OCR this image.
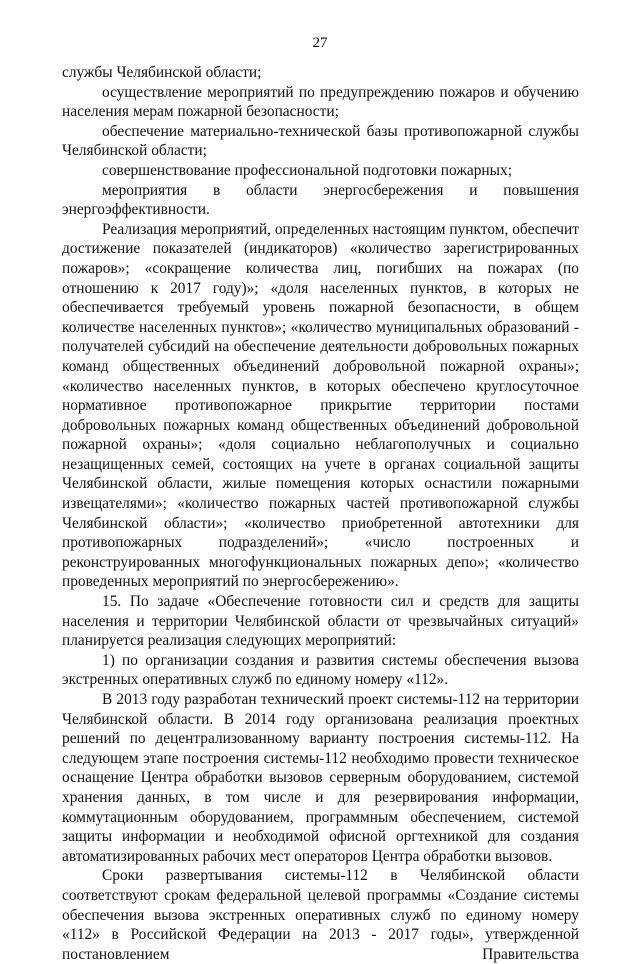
27

службы Челябинской области;

осуществление мероприятий по предупреждению пожаров и обучению населения мерам пожарной безопасности;

обеспечение материально-технической базы противопожарной службы Челябинской области;

совершенствование профессиональной подготовки пожарных;

мероприятия в области энергосбережения и повышения энергоэффективности.

Реализация мероприятий, определенных настоящим пунктом, обеспечит достижение показателей (индикаторов) «количество зарегистрированных пожаров»; «сокращение количества лиц, погибших на пожарах (по отношению к 2017 году)»; «доля населенных пунктов, в которых не обеспечивается требуемый уровень пожарной безопасности, в общем количестве населенных пунктов»; «количество муниципальных образований - получателей субсидий на обеспечение деятельности добровольных пожарных команд общественных объединений добровольной пожарной охраны»; «количество населенных пунктов, в которых обеспечено круглосуточное нормативное противопожарное прикрытие территории постами добровольных пожарных команд общественных объединений добровольной пожарной охраны»; «доля социально неблагополучных и социально незащищенных семей, состоящих на учете в органах социальной защиты Челябинской области, жилые помещения которых оснастили пожарными извещателями»; «количество пожарных частей противопожарной службы Челябинской области»; «количество приобретенной автотехники для противопожарных подразделений»; «число построенных и реконструированных многофункциональных пожарных депо»; «количество проведенных мероприятий по энергосбережению».

15. По задаче «Обеспечение готовности сил и средств для защиты населения и территории Челябинской области от чрезвычайных ситуаций» планируется реализация следующих мероприятий:

1) по организации создания и развития системы обеспечения вызова экстренных оперативных служб по единому номеру «112».

В 2013 году разработан технический проект системы-112 на территории Челябинской области. В 2014 году организована реализация проектных решений по децентрализованному варианту построения системы-112. На следующем этапе построения системы-112 необходимо провести техническое оснащение Центра обработки вызовов серверным оборудованием, системой хранения данных, в том числе и для резервирования информации, коммутационным оборудованием, программным обеспечением, системой защиты информации и необходимой офисной оргтехникой для создания автоматизированных рабочих мест операторов Центра обработки вызовов.

Сроки развертывания системы-112 в Челябинской области соответствуют срокам федеральной целевой программы «Создание системы обеспечения вызова экстренных оперативных служб по единому номеру «112» в Российской Федерации на 2013 - 2017 годы», утвержденной постановлением Правительства
